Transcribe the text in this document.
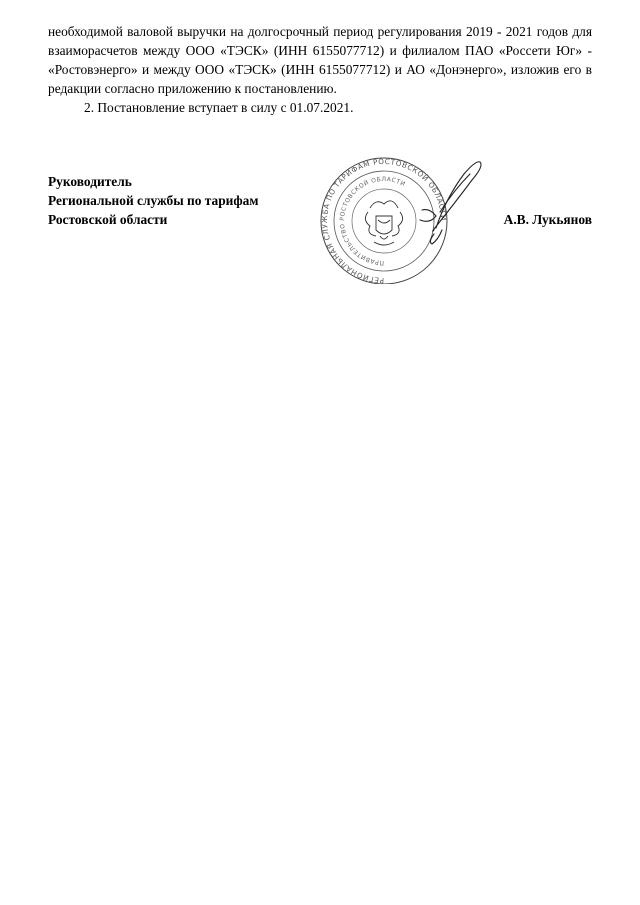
необходимой валовой выручки на долгосрочный период регулирования 2019 - 2021 годов для взаиморасчетов между ООО «ТЭСК» (ИНН 6155077712) и филиалом ПАО «Россети Юг» - «Ростовэнерго» и между ООО «ТЭСК» (ИНН 6155077712) и АО «Донэнерго», изложив его в редакции согласно приложению к постановлению.

2. Постановление вступает в силу с 01.07.2021.

Руководитель
Региональной службы по тарифам
Ростовской области	А.В. Лукьянов
РЕГИОНАЛЬНАЯ СЛУЖБА ПО ТАРИФАМ РОСТОВСКОЙ ОБЛАСТИ
ПРАВИТЕЛЬСТВО РОСТОВСКОЙ ОБЛАСТИ
